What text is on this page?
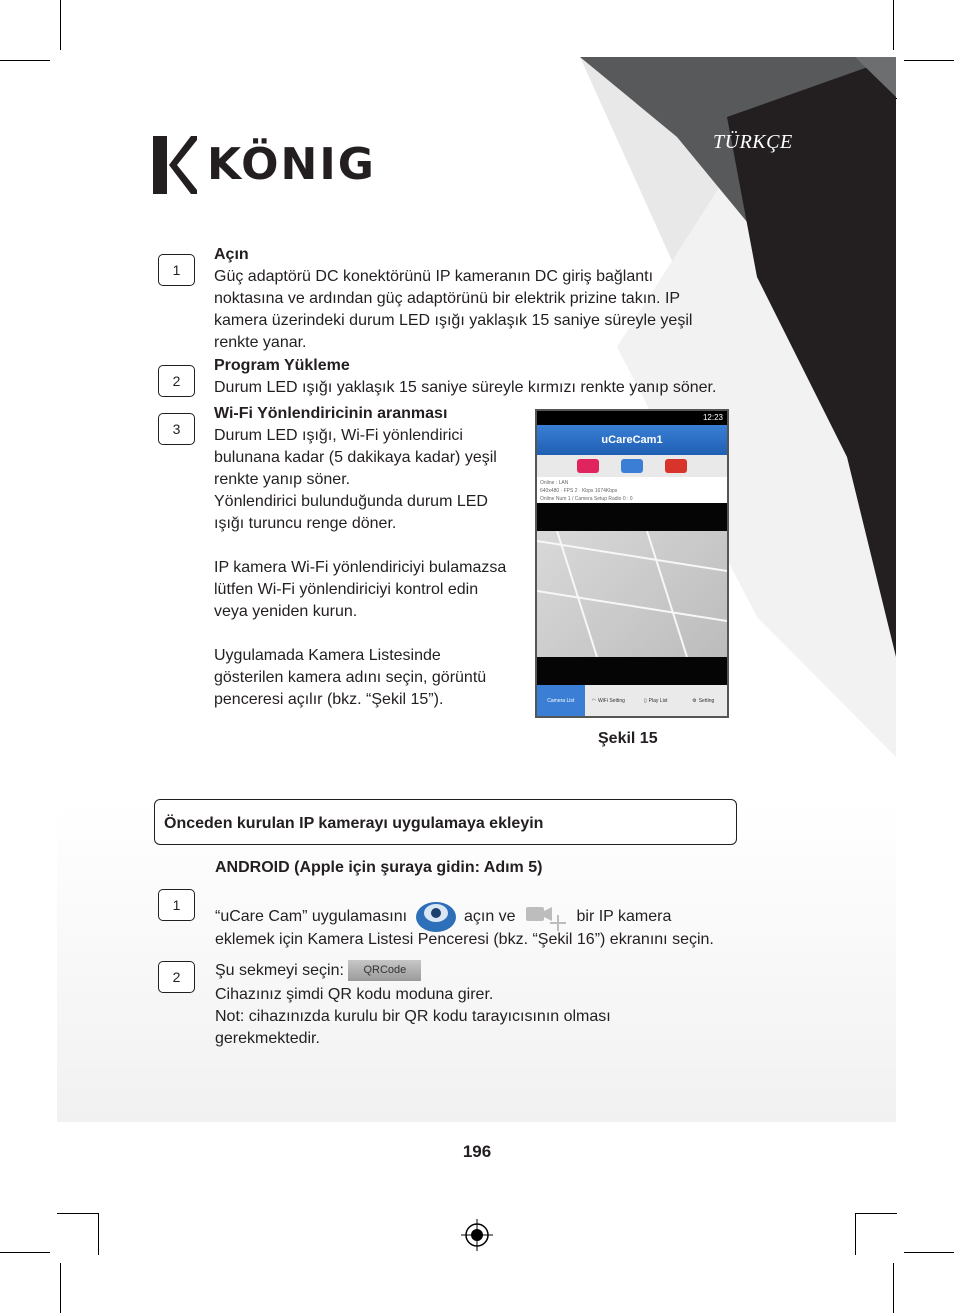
TÜRKÇE
KÖNIG
1
Açın
Güç adaptörü DC konektörünü IP kameranın DC giriş bağlantı
noktasına ve ardından güç adaptörünü bir elektrik prizine takın. IP
kamera üzerindeki durum LED ışığı yaklaşık 15 saniye süreyle yeşil
renkte yanar.
2
Program Yükleme
Durum LED ışığı yaklaşık 15 saniye süreyle kırmızı renkte yanıp söner.
3
Wi-Fi Yönlendiricinin aranması
Durum LED ışığı, Wi-Fi yönlendirici
bulunana kadar (5 dakikaya kadar) yeşil
renkte yanıp söner.
Yönlendirici bulunduğunda durum LED
ışığı turuncu renge döner.

IP kamera Wi-Fi yönlendiriciyi bulamazsa
lütfen Wi-Fi yönlendiriciyi kontrol edin
veya yeniden kurun.

Uygulamada Kamera Listesinde
gösterilen kamera adını seçin, görüntü
penceresi açılır (bkz. “Şekil 15”).
12:23
uCareCam1
Online : LAN
640x480 · FPS 2 · Kbps 1674Kbps
Online Num 1 / Camera Setup Radio 0 : 0
Camera List	◠ WiFi Setting	▯ Play List	⚙ Setting
Şekil 15
Önceden kurulan IP kamerayı uygulamaya ekleyin
ANDROID (Apple için şuraya gidin: Adım 5)
1
“uCare Cam” uygulamasını	açın ve	bir IP kamera
eklemek için Kamera Listesi Penceresi (bkz. “Şekil 16”) ekranını seçin.
2	Şu sekmeyi seçin: QRCode
Cihazınız şimdi QR kodu moduna girer.
Not: cihazınızda kurulu bir QR kodu tarayıcısının olması
gerekmektedir.
196
